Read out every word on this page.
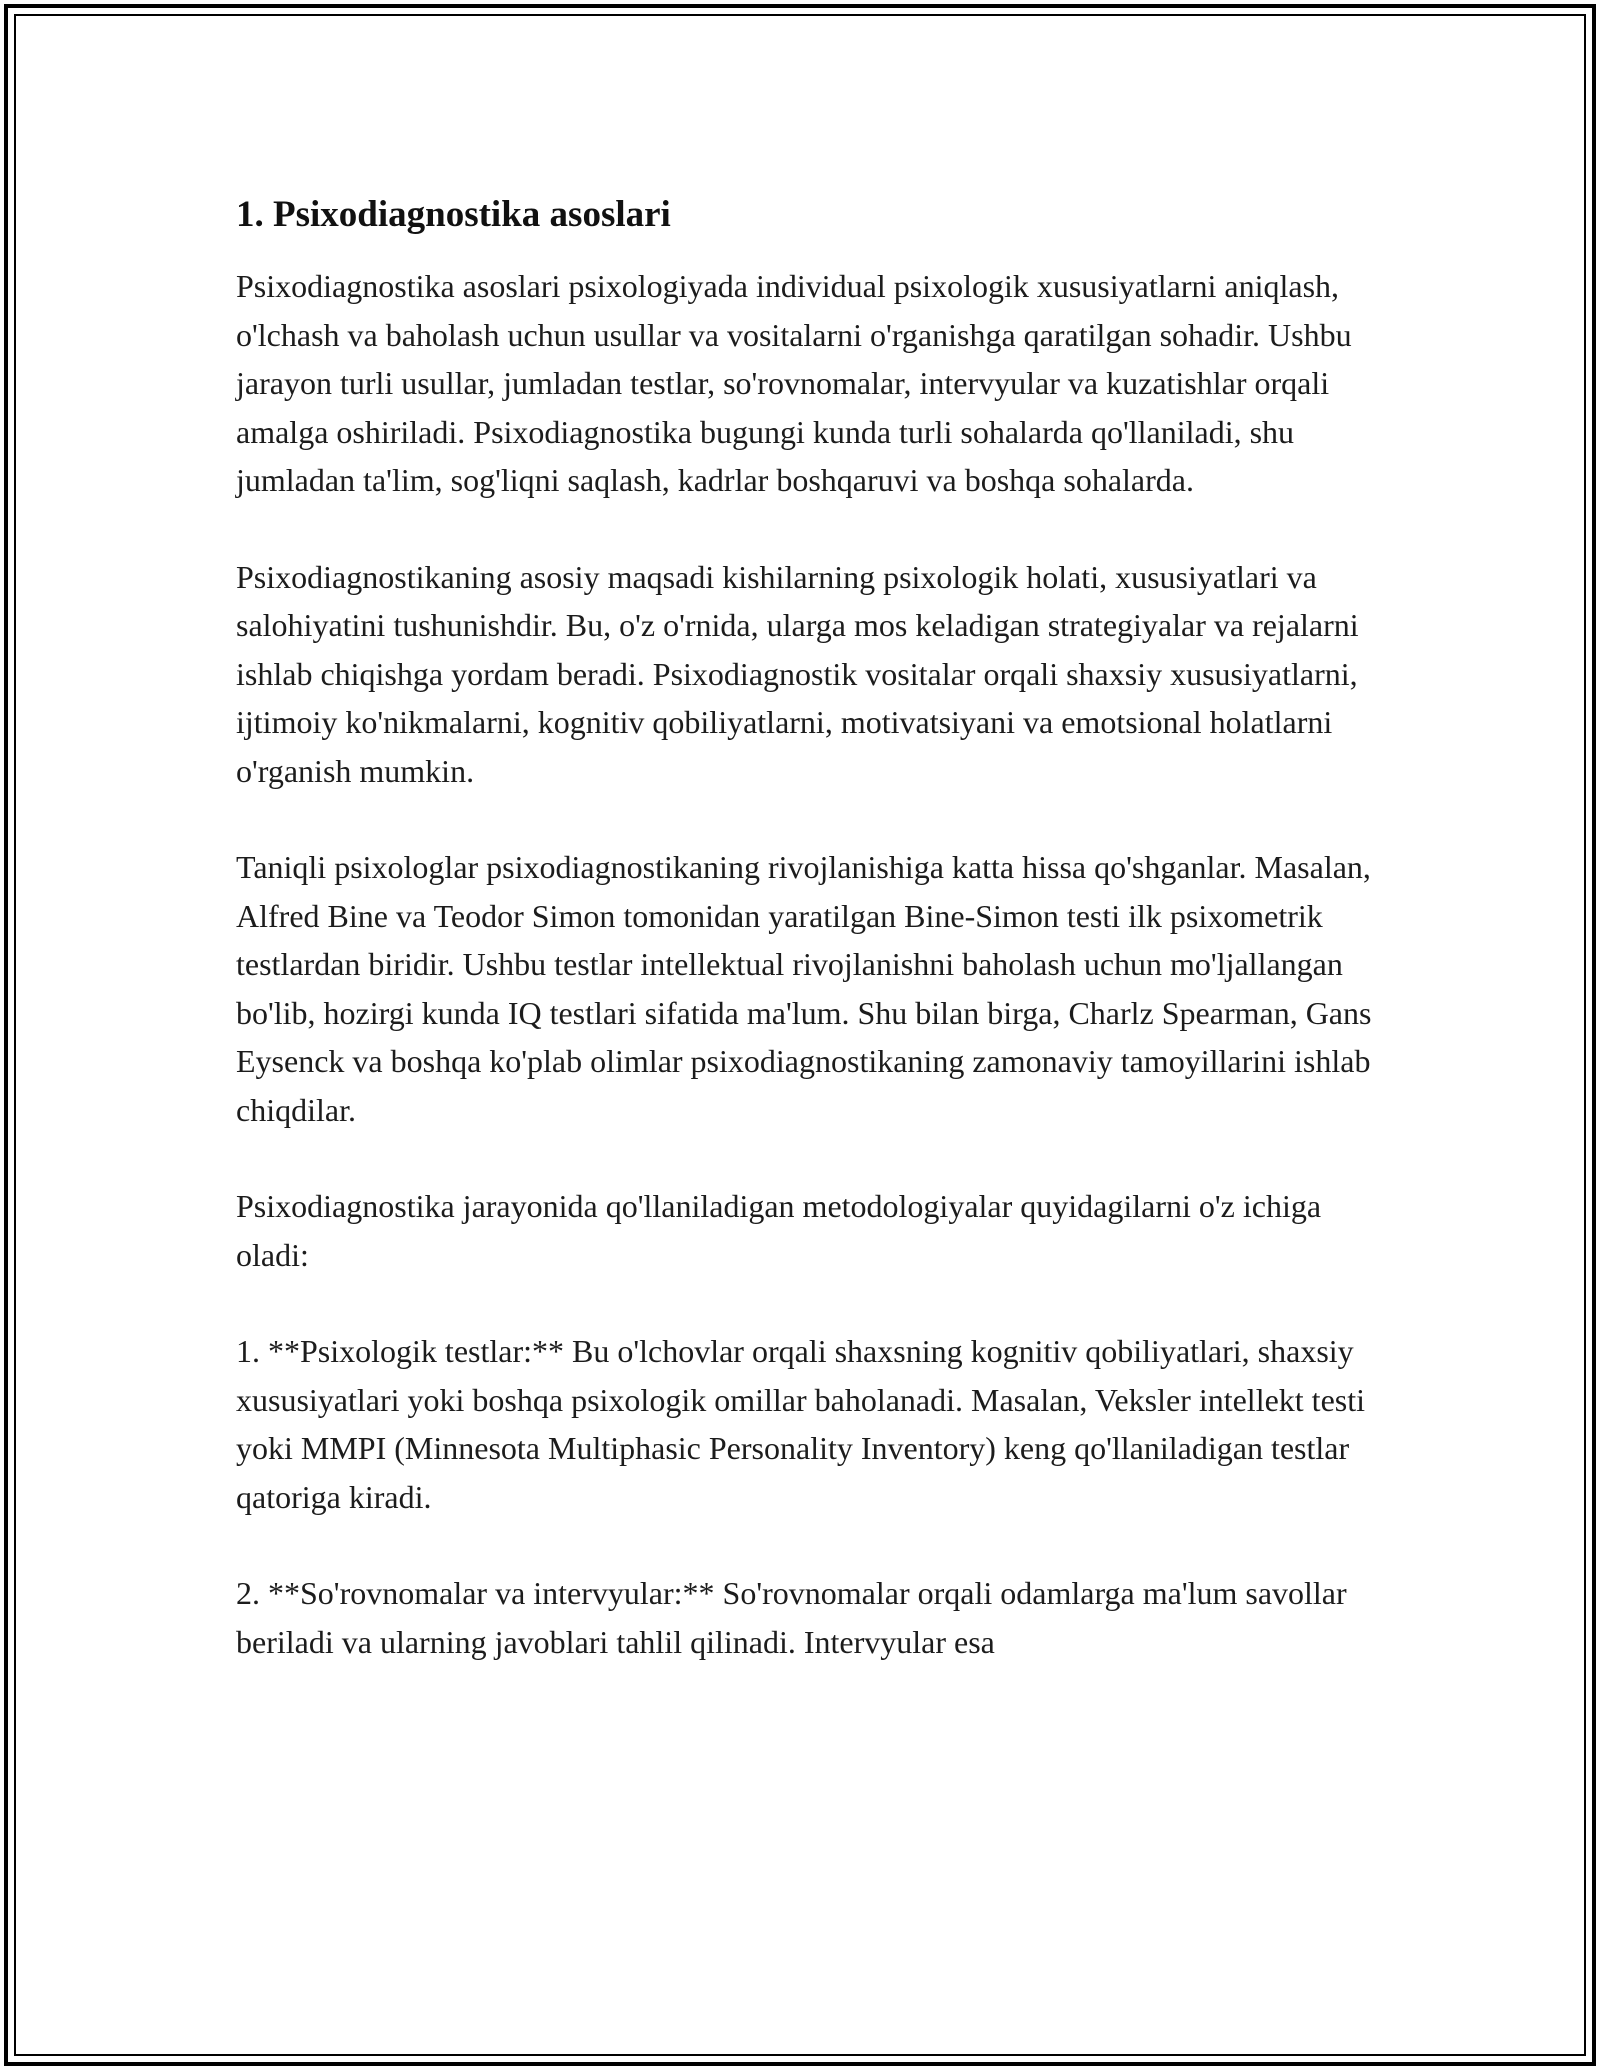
1. Psixodiagnostika asoslari

Psixodiagnostika asoslari psixologiyada individual psixologik xususiyatlarni aniqlash, o'lchash va baholash uchun usullar va vositalarni o'rganishga qaratilgan sohadir. Ushbu jarayon turli usullar, jumladan testlar, so'rovnomalar, intervyular va kuzatishlar orqali amalga oshiriladi. Psixodiagnostika bugungi kunda turli sohalarda qo'llaniladi, shu jumladan ta'lim, sog'liqni saqlash, kadrlar boshqaruvi va boshqa sohalarda.

Psixodiagnostikaning asosiy maqsadi kishilarning psixologik holati, xususiyatlari va salohiyatini tushunishdir. Bu, o'z o'rnida, ularga mos keladigan strategiyalar va rejalarni ishlab chiqishga yordam beradi. Psixodiagnostik vositalar orqali shaxsiy xususiyatlarni, ijtimoiy ko'nikmalarni, kognitiv qobiliyatlarni, motivatsiyani va emotsional holatlarni o'rganish mumkin.

Taniqli psixologlar psixodiagnostikaning rivojlanishiga katta hissa qo'shganlar. Masalan, Alfred Bine va Teodor Simon tomonidan yaratilgan Bine-Simon testi ilk psixometrik testlardan biridir. Ushbu testlar intellektual rivojlanishni baholash uchun mo'ljallangan bo'lib, hozirgi kunda IQ testlari sifatida ma'lum. Shu bilan birga, Charlz Spearman, Gans Eysenck va boshqa ko'plab olimlar psixodiagnostikaning zamonaviy tamoyillarini ishlab chiqdilar.

Psixodiagnostika jarayonida qo'llaniladigan metodologiyalar quyidagilarni o'z ichiga oladi:

1. **Psixologik testlar:** Bu o'lchovlar orqali shaxsning kognitiv qobiliyatlari, shaxsiy xususiyatlari yoki boshqa psixologik omillar baholanadi. Masalan, Veksler intellekt testi yoki MMPI (Minnesota Multiphasic Personality Inventory) keng qo'llaniladigan testlar qatoriga kiradi.

2. **So'rovnomalar va intervyular:** So'rovnomalar orqali odamlarga ma'lum savollar beriladi va ularning javoblari tahlil qilinadi. Intervyular esa
